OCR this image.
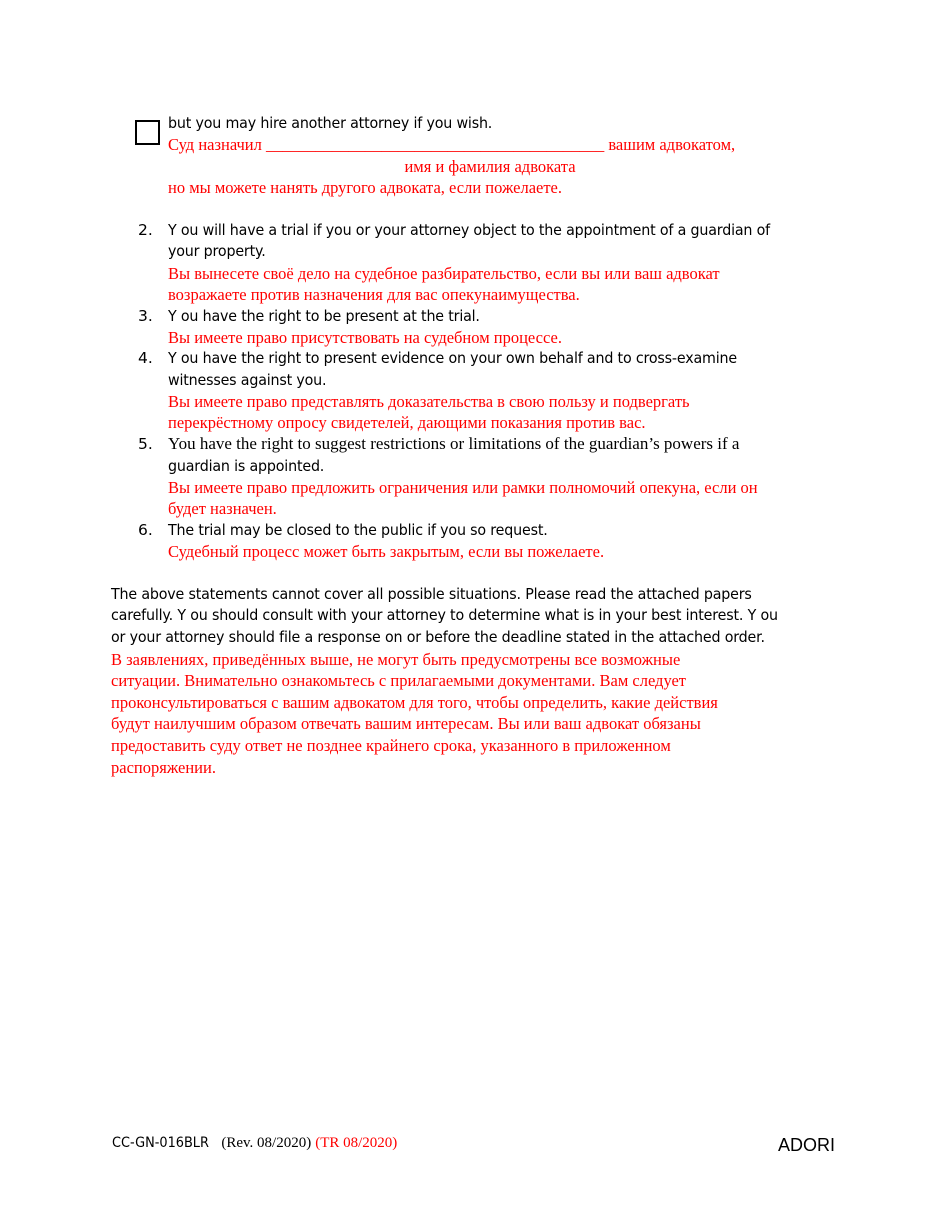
but you may hire another attorney if you wish.
Суд назначил _________________________________________ вашим адвокатом,
имя и фамилия адвоката
но мы можете нанять другого адвоката, если пожелаете.
2. Y ou will have a trial if you or your attorney object to the appointment of a guardian of
your property.
Вы вынесете своё дело на судебное разбирательство, если вы или ваш адвокат
возражаете против назначения для вас опекунаимущества.
3. Y ou have the right to be present at the trial.
Вы имеете право присутствовать на судебном процессе.
4. Y ou have the right to present evidence on your own behalf and to cross-examine
witnesses against you.
Вы имеете право представлять доказательства в свою пользу и подвергать
перекрёстному опросу свидетелей, дающими показания против вас.
5. You have the right to suggest restrictions or limitations of the guardian’s powers if a
guardian is appointed.
Вы имеете право предложить ограничения или рамки полномочий опекуна, если он
будет назначен.
6. The trial may be closed to the public if you so request.
Судебный процесс может быть закрытым, если вы пожелаете.
The above statements cannot cover all possible situations. Please read the attached papers
carefully. Y ou should consult with your attorney to determine what is in your best interest. Y ou
or your attorney should file a response on or before the deadline stated in the attached order.
В заявлениях, приведённых выше, не могут быть предусмотрены все возможные
ситуации. Внимательно ознакомьтесь с прилагаемыми документами. Вам следует
проконсультироваться с вашим адвокатом для того, чтобы определить, какие действия
будут наилучшим образом отвечать вашим интересам. Вы или ваш адвокат обязаны
предоставить суду ответ не позднее крайнего срока, указанного в приложенном
распоряжении.
CC-GN-016BLR (Rev. 08/2020) (TR 08/2020)	ADORI
